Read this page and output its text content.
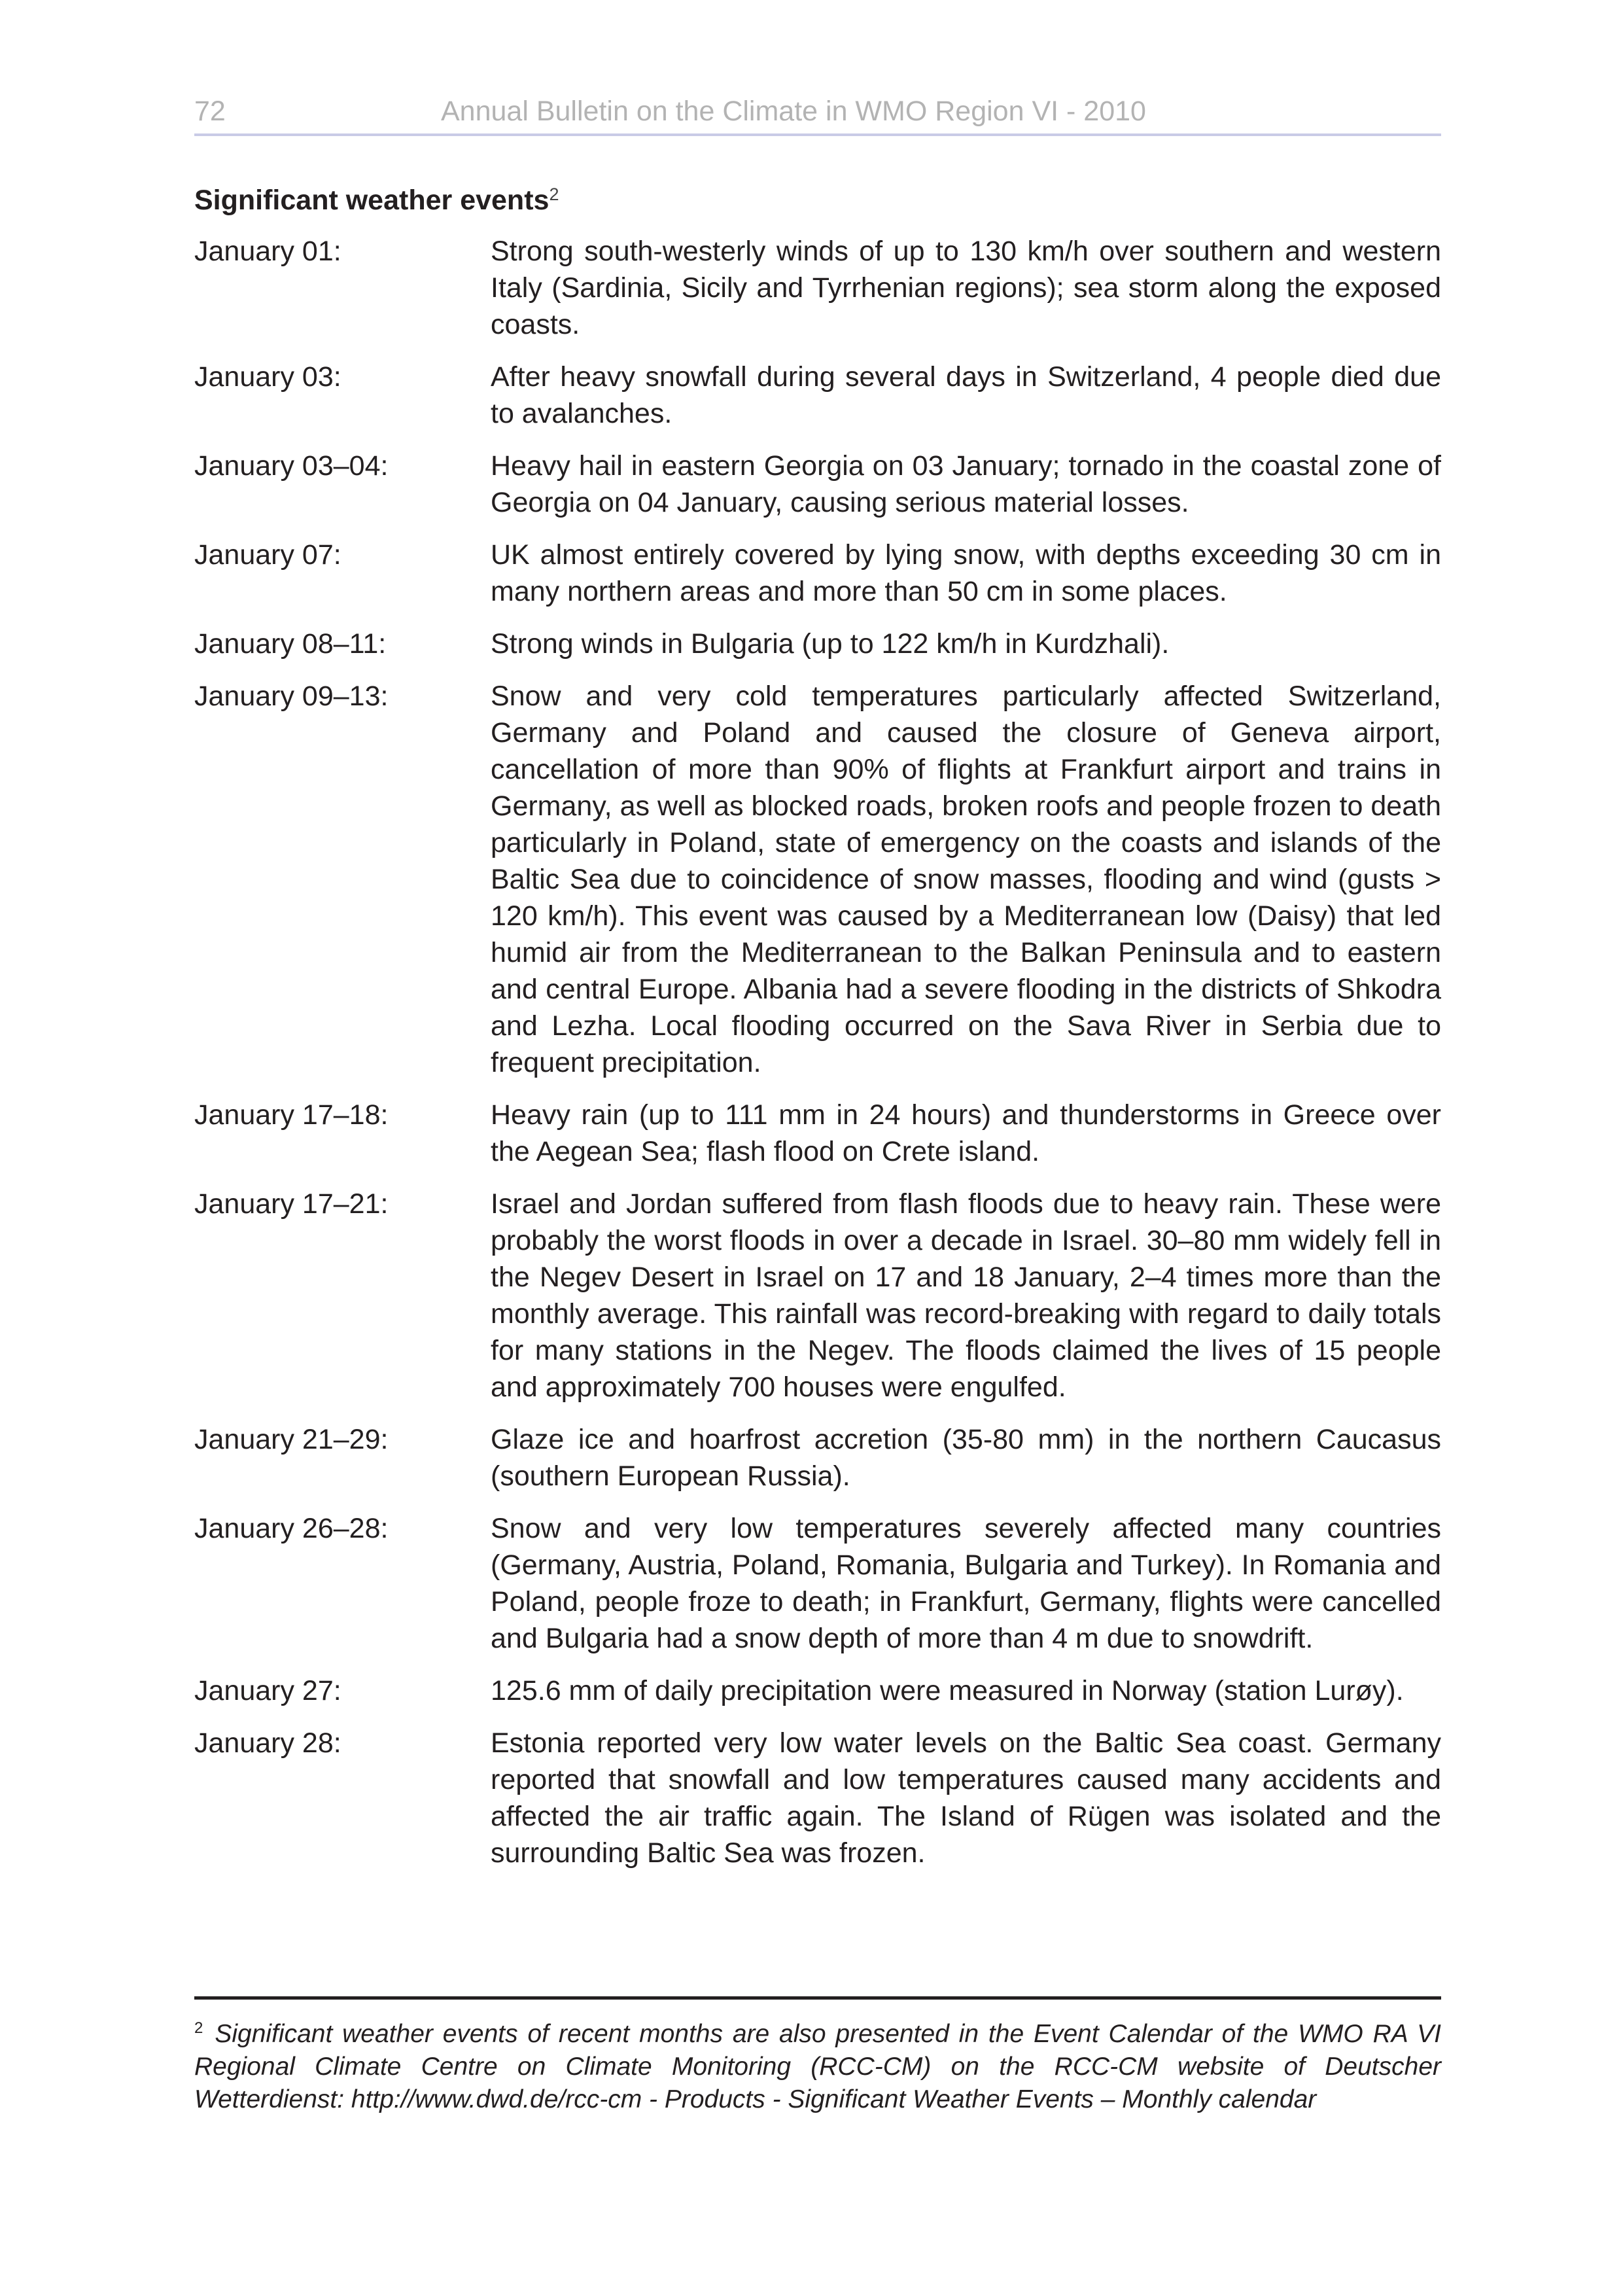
72	Annual Bulletin on the Climate in WMO Region VI - 2010
Significant weather events$^2$
January 01:	Strong south-westerly winds of up to 130 km/h over southern and western Italy (Sardinia, Sicily and Tyrrhenian regions); sea storm along the exposed coasts.

January 03:	After heavy snowfall during several days in Switzerland, 4 people died due to avalanches.

January 03–04:	Heavy hail in eastern Georgia on 03 January; tornado in the coastal zone of Georgia on 04 January, causing serious material losses.

January 07:	UK almost entirely covered by lying snow, with depths exceeding 30 cm in many northern areas and more than 50 cm in some places.

January 08–11:	Strong winds in Bulgaria (up to 122 km/h in Kurdzhali).

January 09–13:	Snow and very cold temperatures particularly affected Switzerland, Germany and Poland and caused the closure of Geneva airport, cancellation of more than 90% of flights at Frankfurt airport and trains in Germany, as well as blocked roads, broken roofs and people frozen to death particularly in Poland, state of emergency on the coasts and islands of the Baltic Sea due to coincidence of snow masses, flooding and wind (gusts > 120 km/h). This event was caused by a Mediterranean low (Daisy) that led humid air from the Mediterranean to the Balkan Peninsula and to eastern and central Europe. Albania had a severe flooding in the districts of Shkodra and Lezha. Local flooding occurred on the Sava River in Serbia due to frequent precipitation.

January 17–18:	Heavy rain (up to 111 mm in 24 hours) and thunderstorms in Greece over the Aegean Sea; flash flood on Crete island.

January 17–21:	Israel and Jordan suffered from flash floods due to heavy rain. These were probably the worst floods in over a decade in Israel. 30–80 mm widely fell in the Negev Desert in Israel on 17 and 18 January, 2–4 times more than the monthly average. This rainfall was record-breaking with regard to daily totals for many stations in the Negev. The floods claimed the lives of 15 people and approximately 700 houses were engulfed.

January 21–29:	Glaze ice and hoarfrost accretion (35-80 mm) in the northern Caucasus (southern European Russia).

January 26–28:	Snow and very low temperatures severely affected many countries (Germany, Austria, Poland, Romania, Bulgaria and Turkey). In Romania and Poland, people froze to death; in Frankfurt, Germany, flights were cancelled and Bulgaria had a snow depth of more than 4 m due to snowdrift.

January 27:	125.6 mm of daily precipitation were measured in Norway (station Lurøy).

January 28:	Estonia reported very low water levels on the Baltic Sea coast. Germany reported that snowfall and low temperatures caused many accidents and affected the air traffic again. The Island of Rügen was isolated and the surrounding Baltic Sea was frozen.

$^2$ Significant weather events of recent months are also presented in the Event Calendar of the WMO RA VI Regional Climate Centre on Climate Monitoring (RCC-CM) on the RCC-CM website of Deutscher Wetterdienst: http://www.dwd.de/rcc-cm - Products - Significant Weather Events – Monthly calendar
